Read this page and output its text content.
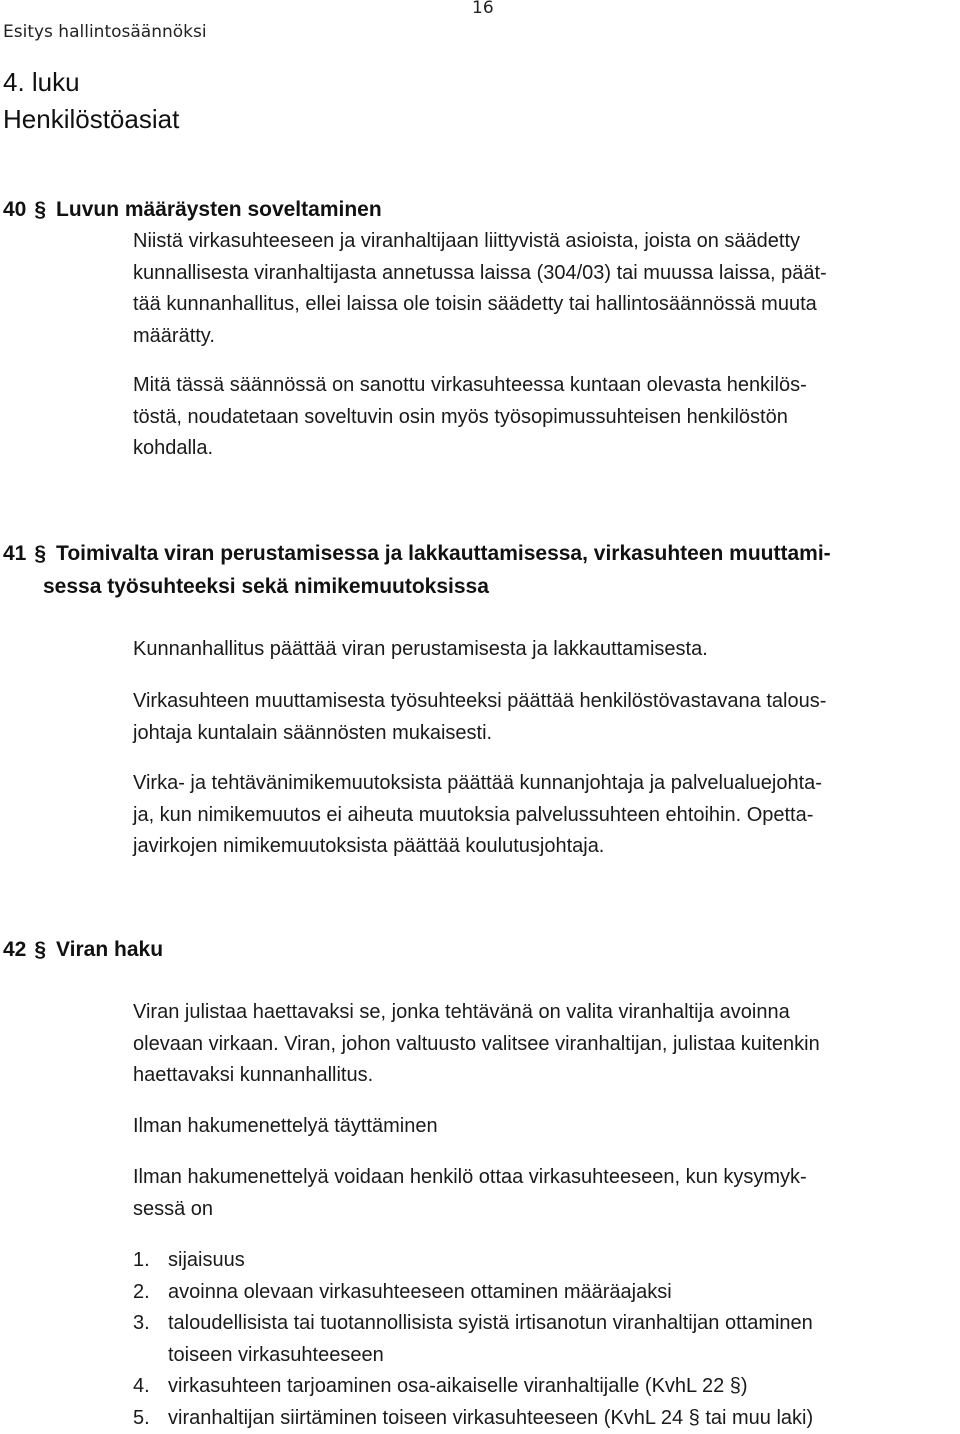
Esitys hallintosäännöksi
16
4. luku
Henkilöstöasiat
40 § Luvun määräysten soveltaminen

Niistä virkasuhteeseen ja viranhaltijaan liittyvistä asioista, joista on säädetty
kunnallisesta viranhaltijasta annetussa laissa (304/03) tai muussa laissa, päät-
tää kunnanhallitus, ellei laissa ole toisin säädetty tai hallintosäännössä muuta
määrätty.

Mitä tässä säännössä on sanottu virkasuhteessa kuntaan olevasta henkilös-
töstä, noudatetaan soveltuvin osin myös työsopimussuhteisen henkilöstön
kohdalla.

41 § Toimivalta viran perustamisessa ja lakkauttamisessa, virkasuhteen muuttami-
sessa työsuhteeksi sekä nimikemuutoksissa

Kunnanhallitus päättää viran perustamisesta ja lakkauttamisesta.

Virkasuhteen muuttamisesta työsuhteeksi päättää henkilöstövastavana talous-
johtaja kuntalain säännösten mukaisesti.

Virka- ja tehtävänimikemuutoksista päättää kunnanjohtaja ja palvelualuejohta-
ja, kun nimikemuutos ei aiheuta muutoksia palvelussuhteen ehtoihin. Opetta-
javirkojen nimikemuutoksista päättää koulutusjohtaja.

42 § Viran haku

Viran julistaa haettavaksi se, jonka tehtävänä on valita viranhaltija avoinna
olevaan virkaan. Viran, johon valtuusto valitsee viranhaltijan, julistaa kuitenkin
haettavaksi kunnanhallitus.

Ilman hakumenettelyä täyttäminen

Ilman hakumenettelyä voidaan henkilö ottaa virkasuhteeseen, kun kysymyk-
sessä on

1. sijaisuus
2. avoinna olevaan virkasuhteeseen ottaminen määräajaksi
3. taloudellisista tai tuotannollisista syistä irtisanotun viranhaltijan ottaminen
toiseen virkasuhteeseen
4. virkasuhteen tarjoaminen osa-aikaiselle viranhaltijalle (KvhL 22 §)
5. viranhaltijan siirtäminen toiseen virkasuhteeseen (KvhL 24 § tai muu laki)
